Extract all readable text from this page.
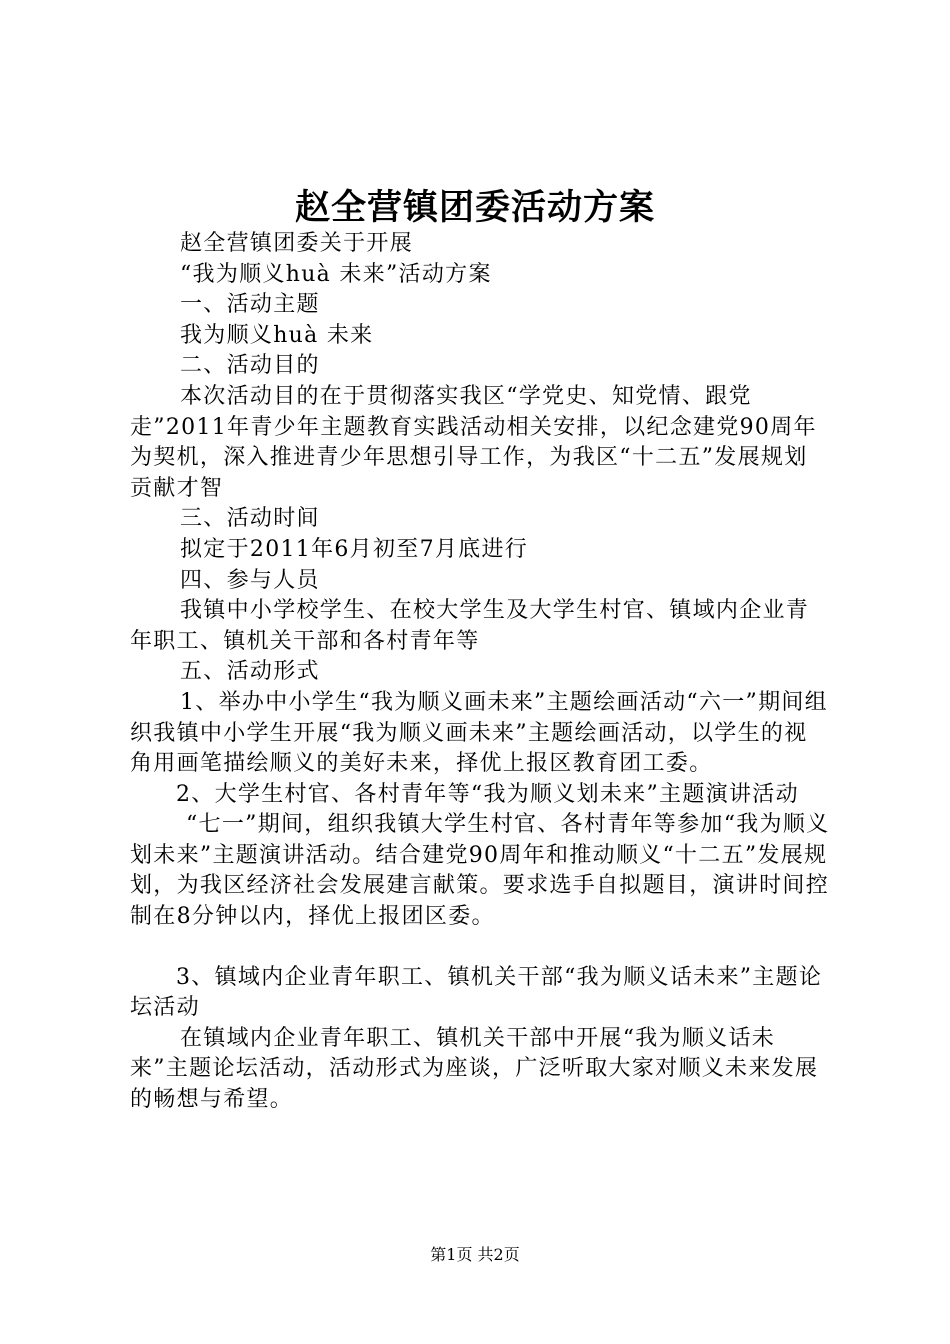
赵全营镇团委活动方案

赵全营镇团委关于开展

“我为顺义huà 未来”活动方案

一、活动主题

我为顺义huà 未来

二、活动目的

本次活动目的在于贯彻落实我区“学党史、知党情、跟党走”2011年青少年主题教育实践活动相关安排，以纪念建党90周年为契机，深入推进青少年思想引导工作，为我区“十二五”发展规划贡献才智

三、活动时间

拟定于2011年6月初至7月底进行

四、参与人员

我镇中小学校学生、在校大学生及大学生村官、镇域内企业青年职工、镇机关干部和各村青年等

五、活动形式

1、举办中小学生“我为顺义画未来”主题绘画活动“六一”期间组织我镇中小学生开展“我为顺义画未来”主题绘画活动，以学生的视角用画笔描绘顺义的美好未来，择优上报区教育团工委。

2、大学生村官、各村青年等“我为顺义划未来”主题演讲活动

“七一”期间，组织我镇大学生村官、各村青年等参加“我为顺义划未来”主题演讲活动。结合建党90周年和推动顺义“十二五”发展规划，为我区经济社会发展建言献策。要求选手自拟题目，演讲时间控制在8分钟以内，择优上报团区委。

3、镇域内企业青年职工、镇机关干部“我为顺义话未来”主题论坛活动

在镇域内企业青年职工、镇机关干部中开展“我为顺义话未来”主题论坛活动，活动形式为座谈，广泛听取大家对顺义未来发展的畅想与希望。

第1页 共2页
